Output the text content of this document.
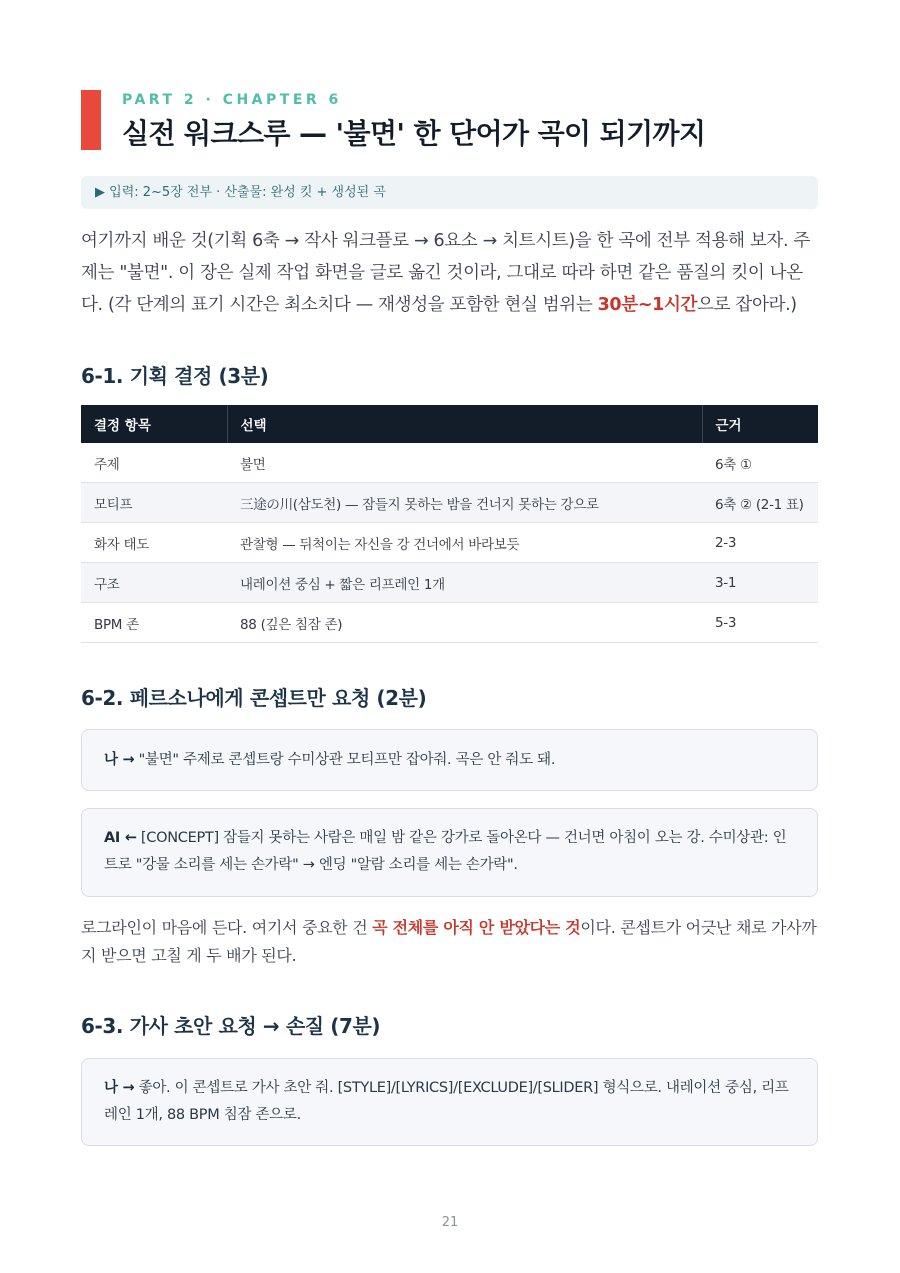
PART 2 · CHAPTER 6
실전 워크스루 — '불면' 한 단어가 곡이 되기까지
▶ 입력: 2~5장 전부 · 산출물: 완성 킷 + 생성된 곡
여기까지 배운 것(기획 6축 → 작사 워크플로 → 6요소 → 치트시트)을 한 곡에 전부 적용해 보자. 주제는 "불면". 이 장은 실제 작업 화면을 글로 옮긴 것이라, 그대로 따라 하면 같은 품질의 킷이 나온다. (각 단계의 표기 시간은 최소치다 — 재생성을 포함한 현실 범위는 30분~1시간으로 잡아라.)
6-1. 기획 결정 (3분)
결정 항목	선택	근거
주제	불면	6축 ①
모티프	三途の川(삼도천) — 잠들지 못하는 밤을 건너지 못하는 강으로	6축 ② (2-1 표)
화자 태도	관찰형 — 뒤척이는 자신을 강 건너에서 바라보듯	2-3
구조	내레이션 중심 + 짧은 리프레인 1개	3-1
BPM 존	88 (깊은 침잠 존)	5-3
6-2. 페르소나에게 콘셉트만 요청 (2분)
나 → "불면" 주제로 콘셉트랑 수미상관 모티프만 잡아줘. 곡은 안 줘도 돼.
AI ← [CONCEPT] 잠들지 못하는 사람은 매일 밤 같은 강가로 돌아온다 — 건너면 아침이 오는 강. 수미상관: 인트로 "강물 소리를 세는 손가락" → 엔딩 "알람 소리를 세는 손가락".
로그라인이 마음에 든다. 여기서 중요한 건 곡 전체를 아직 안 받았다는 것이다. 콘셉트가 어긋난 채로 가사까지 받으면 고칠 게 두 배가 된다.
6-3. 가사 초안 요청 → 손질 (7분)
나 → 좋아. 이 콘셉트로 가사 초안 줘. [STYLE]/[LYRICS]/[EXCLUDE]/[SLIDER] 형식으로. 내레이션 중심, 리프레인 1개, 88 BPM 침잠 존으로.
21
